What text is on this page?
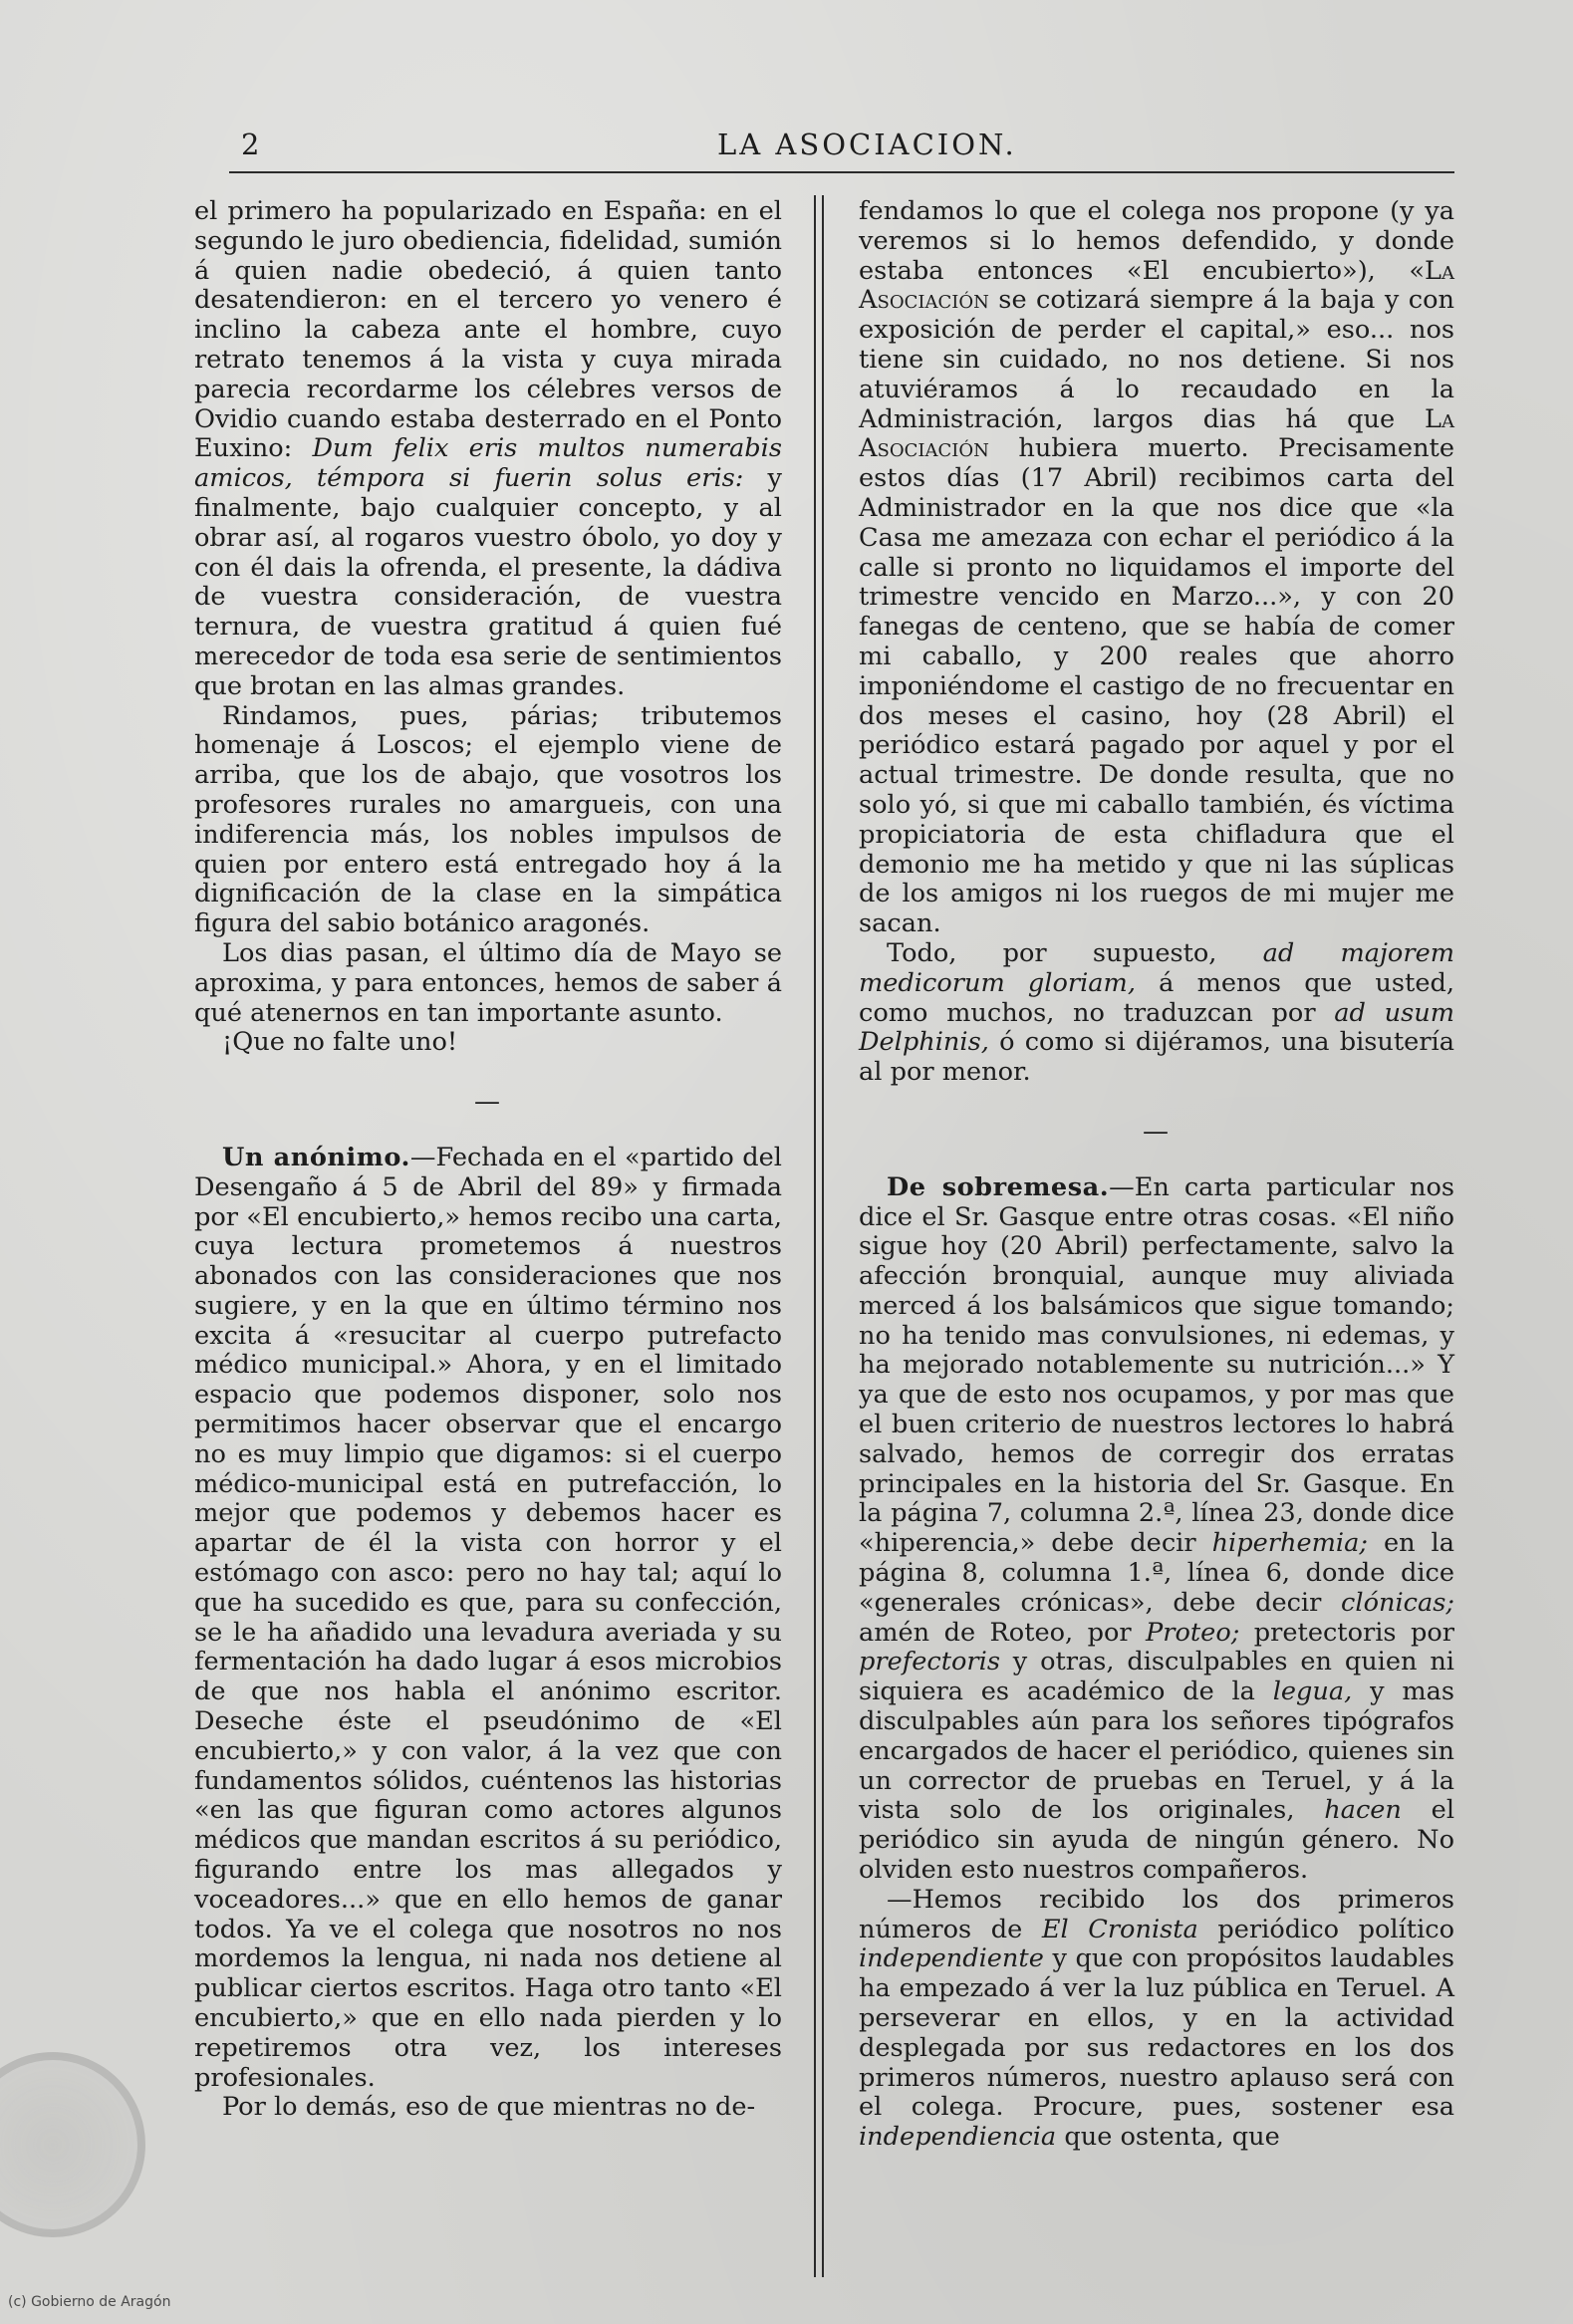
2	LA ASOCIACION.

el primero ha popularizado en España: en el segundo le juro obediencia, fidelidad, sumión á quien nadie obedeció, á quien tanto desatendieron: en el tercero yo venero é inclino la cabeza ante el hombre, cuyo retrato tenemos á la vista y cuya mirada parecia recordarme los célebres versos de Ovidio cuando estaba desterrado en el Ponto Euxino: Dum felix eris multos numerabis amicos, témpora si fuerin solus eris: y finalmente, bajo cualquier concepto, y al obrar así, al rogaros vuestro óbolo, yo doy y con él dais la ofrenda, el presente, la dádiva de vuestra consideración, de vuestra ternura, de vuestra gratitud á quien fué merecedor de toda esa serie de sentimientos que brotan en las almas grandes.

Rindamos, pues, párias; tributemos homenaje á Loscos; el ejemplo viene de arriba, que los de abajo, que vosotros los profesores rurales no amargueis, con una indiferencia más, los nobles impulsos de quien por entero está entregado hoy á la dignificación de la clase en la simpática figura del sabio botánico aragonés.

Los dias pasan, el último día de Mayo se aproxima, y para entonces, hemos de saber á qué atenernos en tan importante asunto.

¡Que no falte uno!

—

Un anónimo.—Fechada en el «partido del Desengaño á 5 de Abril del 89» y firmada por «El encubierto,» hemos recibo una carta, cuya lectura prometemos á nuestros abonados con las consideraciones que nos sugiere, y en la que en último término nos excita á «resucitar al cuerpo putrefacto médico municipal.» Ahora, y en el limitado espacio que podemos disponer, solo nos permitimos hacer observar que el encargo no es muy limpio que digamos: si el cuerpo médico-municipal está en putrefacción, lo mejor que podemos y debemos hacer es apartar de él la vista con horror y el estómago con asco: pero no hay tal; aquí lo que ha sucedido es que, para su confección, se le ha añadido una levadura averiada y su fermentación ha dado lugar á esos microbios de que nos habla el anónimo escritor. Deseche éste el pseudónimo de «El encubierto,» y con valor, á la vez que con fundamentos sólidos, cuéntenos las historias «en las que figuran como actores algunos médicos que mandan escritos á su periódico, figurando entre los mas allegados y voceadores...» que en ello hemos de ganar todos. Ya ve el colega que nosotros no nos mordemos la lengua, ni nada nos detiene al publicar ciertos escritos. Haga otro tanto «El encubierto,» que en ello nada pierden y lo repetiremos otra vez, los intereses profesionales.

Por lo demás, eso de que mientras no de-

fendamos lo que el colega nos propone (y ya veremos si lo hemos defendido, y donde estaba entonces «El encubierto»), «La Asociación se cotizará siempre á la baja y con exposición de perder el capital,» eso... nos tiene sin cuidado, no nos detiene. Si nos atuviéramos á lo recaudado en la Administración, largos dias há que La Asociación hubiera muerto. Precisamente estos días (17 Abril) recibimos carta del Administrador en la que nos dice que «la Casa me amezaza con echar el periódico á la calle si pronto no liquidamos el importe del trimestre vencido en Marzo...», y con 20 fanegas de centeno, que se había de comer mi caballo, y 200 reales que ahorro imponiéndome el castigo de no frecuentar en dos meses el casino, hoy (28 Abril) el periódico estará pagado por aquel y por el actual trimestre. De donde resulta, que no solo yó, si que mi caballo también, és víctima propiciatoria de esta chifladura que el demonio me ha metido y que ni las súplicas de los amigos ni los ruegos de mi mujer me sacan.

Todo, por supuesto, ad majorem medicorum gloriam, á menos que usted, como muchos, no traduzcan por ad usum Delphinis, ó como si dijéramos, una bisutería al por menor.

—

De sobremesa.—En carta particular nos dice el Sr. Gasque entre otras cosas. «El niño sigue hoy (20 Abril) perfectamente, salvo la afección bronquial, aunque muy aliviada merced á los balsámicos que sigue tomando; no ha tenido mas convulsiones, ni edemas, y ha mejorado notablemente su nutrición...» Y ya que de esto nos ocupamos, y por mas que el buen criterio de nuestros lectores lo habrá salvado, hemos de corregir dos erratas principales en la historia del Sr. Gasque. En la página 7, columna 2.ª, línea 23, donde dice «hiperencia,» debe decir hiperhemia; en la página 8, columna 1.ª, línea 6, donde dice «generales crónicas», debe decir clónicas; amén de Roteo, por Proteo; pretectoris por prefectoris y otras, disculpables en quien ni siquiera es académico de la legua, y mas disculpables aún para los señores tipógrafos encargados de hacer el periódico, quienes sin un corrector de pruebas en Teruel, y á la vista solo de los originales, hacen el periódico sin ayuda de ningún género. No olviden esto nuestros compañeros.

—Hemos recibido los dos primeros números de El Cronista periódico político independiente y que con propósitos laudables ha empezado á ver la luz pública en Teruel. A perseverar en ellos, y en la actividad desplegada por sus redactores en los dos primeros números, nuestro aplauso será con el colega. Procure, pues, sostener esa independiencia que ostenta, que

(c) Gobierno de Aragón
